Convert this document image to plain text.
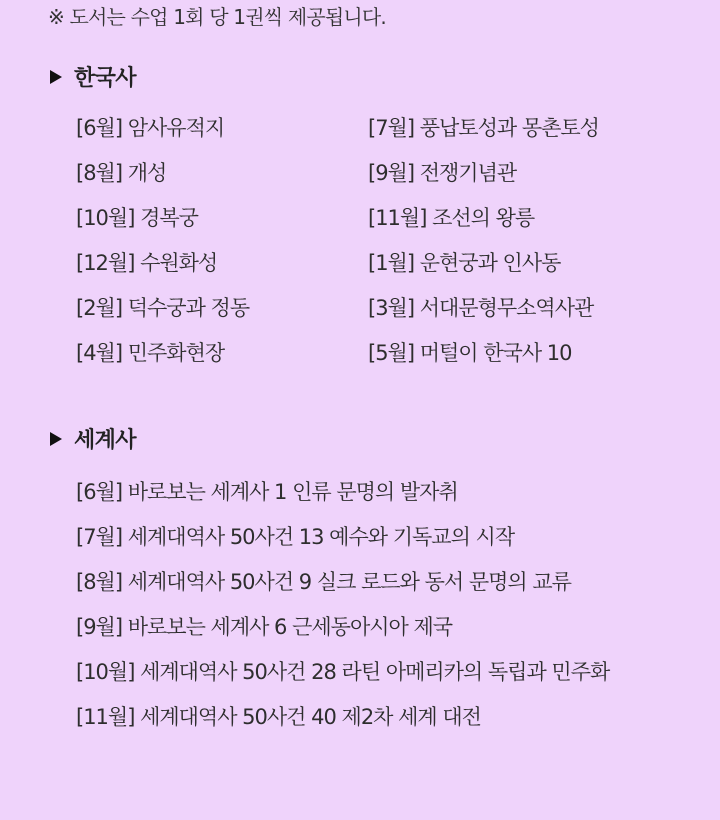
※ 도서는 수업 1회 당 1권씩 제공됩니다.
한국사
[6월] 암사유적지	[7월] 풍납토성과 몽촌토성
[8월] 개성	[9월] 전쟁기념관
[10월] 경복궁	[11월] 조선의 왕릉
[12월] 수원화성	[1월] 운현궁과 인사동
[2월] 덕수궁과 정동	[3월] 서대문형무소역사관
[4월] 민주화현장	[5월] 머털이 한국사 10
세계사
[6월] 바로보는 세계사 1 인류 문명의 발자취
[7월] 세계대역사 50사건 13 예수와 기독교의 시작
[8월] 세계대역사 50사건 9 실크 로드와 동서 문명의 교류
[9월] 바로보는 세계사 6 근세동아시아 제국
[10월] 세계대역사 50사건 28 라틴 아메리카의 독립과 민주화
[11월] 세계대역사 50사건 40 제2차 세계 대전
